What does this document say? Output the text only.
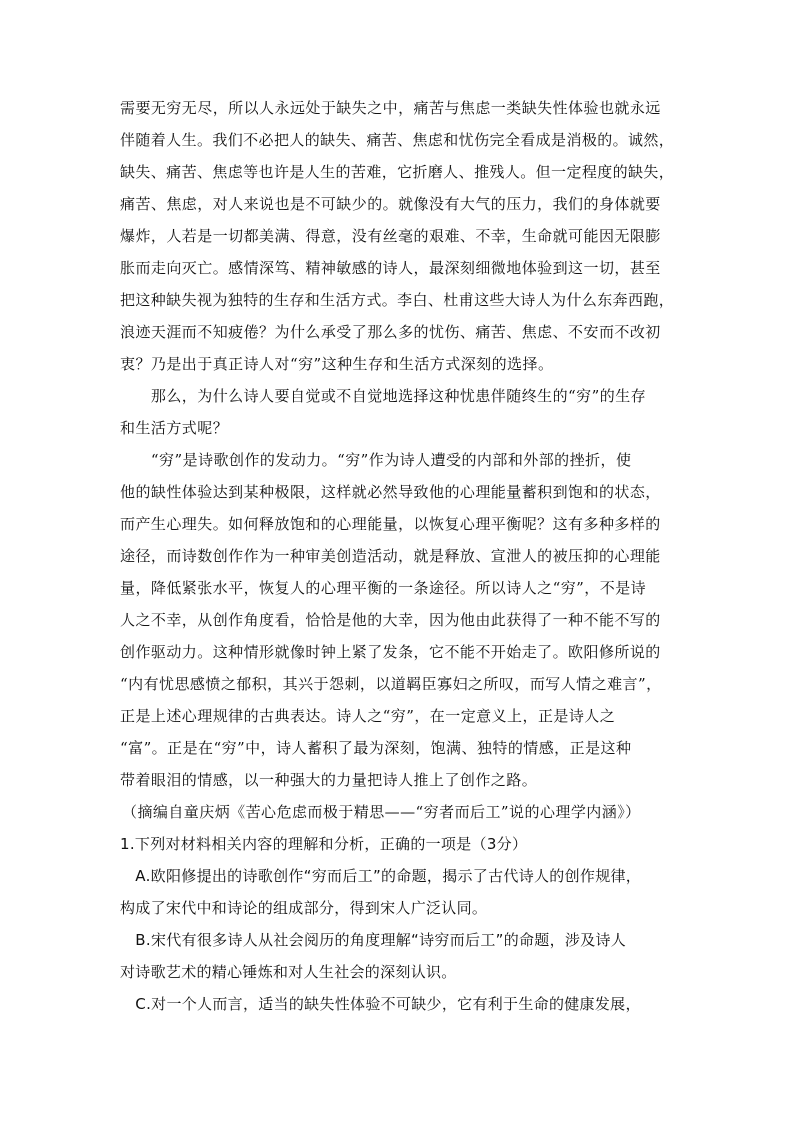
需要无穷无尽，所以人永远处于缺失之中，痛苦与焦虑一类缺失性体验也就永远
伴随着人生。我们不必把人的缺失、痛苦、焦虑和忧伤完全看成是消极的。诚然，
缺失、痛苦、焦虑等也许是人生的苦难，它折磨人、推残人。但一定程度的缺失，
痛苦、焦虑，对人来说也是不可缺少的。就像没有大气的压力，我们的身体就要
爆炸，人若是一切都美满、得意，没有丝毫的艰难、不幸，生命就可能因无限膨
胀而走向灭亡。感情深笃、精神敏感的诗人，最深刻细微地体验到这一切，甚至
把这种缺失视为独特的生存和生活方式。李白、杜甫这些大诗人为什么东奔西跑，
浪迹天涯而不知疲倦？为什么承受了那么多的忧伤、痛苦、焦虑、不安而不改初
衷？乃是出于真正诗人对“穷”这种生存和生活方式深刻的选择。
　　那么，为什么诗人要自觉或不自觉地选择这种忧患伴随终生的“穷”的生存
和生活方式呢？
　　“穷”是诗歌创作的发动力。“穷”作为诗人遭受的内部和外部的挫折，使
他的缺性体验达到某种极限，这样就必然导致他的心理能量蓄积到饱和的状态，
而产生心理失。如何释放饱和的心理能量，以恢复心理平衡呢？这有多种多样的
途径，而诗数创作作为一种审美创造活动，就是释放、宣泄人的被压抑的心理能
量，降低紧张水平，恢复人的心理平衡的一条途径。所以诗人之“穷”，不是诗
人之不幸，从创作角度看，恰恰是他的大幸，因为他由此获得了一种不能不写的
创作驱动力。这种情形就像时钟上紧了发条，它不能不开始走了。欧阳修所说的
“内有忧思感愤之郁积，其兴于怨刺，以道羁臣寡妇之所叹，而写人情之难言”，
正是上述心理规律的古典表达。诗人之“穷”，在一定意义上，正是诗人之
“富”。正是在“穷”中，诗人蓄积了最为深刻，饱满、独特的情感，正是这种
带着眼泪的情感，以一种强大的力量把诗人推上了创作之路。
（摘编自童庆炳《苦心危虑而极于精思——“穷者而后工”说的心理学内涵》）
1.下列对材料相关内容的理解和分析，正确的一项是（3分）
　A.欧阳修提出的诗歌创作“穷而后工”的命题，揭示了古代诗人的创作规律，
构成了宋代中和诗论的组成部分，得到宋人广泛认同。
　B.宋代有很多诗人从社会阅历的角度理解“诗穷而后工”的命题，涉及诗人
对诗歌艺术的精心锤炼和对人生社会的深刻认识。
　C.对一个人而言，适当的缺失性体验不可缺少，它有利于生命的健康发展，
